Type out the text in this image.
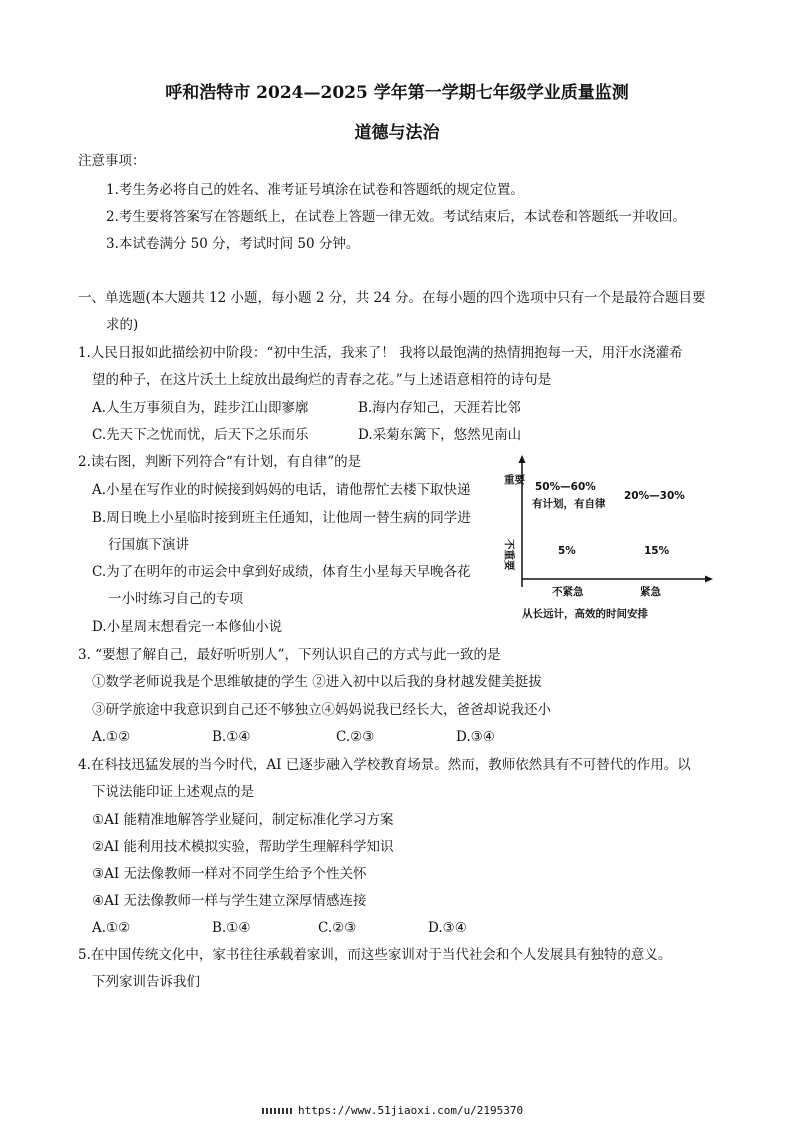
呼和浩特市 2024—2025 学年第一学期七年级学业质量监测
道德与法治
注意事项：
1.考生务必将自己的姓名、准考证号填涂在试卷和答题纸的规定位置。
2.考生要将答案写在答题纸上，在试卷上答题一律无效。考试结束后，本试卷和答题纸一并收回。
3.本试卷满分 50 分，考试时间 50 分钟。
一、单选题(本大题共 12 小题，每小题 2 分，共 24 分。在每小题的四个选项中只有一个是最符合题目要
求的)
1.人民日报如此描绘初中阶段：“初中生活，我来了！ 我将以最饱满的热情拥抱每一天，用汗水浇灌希
望的种子，在这片沃土上绽放出最绚烂的青春之花。”与上述语意相符的诗句是
A.人生万事须自为，跬步江山即寥廓	B.海内存知己，天涯若比邻
C.先天下之忧而忧，后天下之乐而乐	D.采菊东篱下，悠然见南山
2.读右图，判断下列符合“有计划，有自律”的是
A.小星在写作业的时候接到妈妈的电话，请他帮忙去楼下取快递
B.周日晚上小星临时接到班主任通知，让他周一替生病的同学进
行国旗下演讲
C.为了在明年的市运会中拿到好成绩，体育生小星每天早晚各花
一小时练习自己的专项
D.小星周末想看完一本修仙小说
重要
不重要
50%—60%
有计划，有自律
20%—30%
5%	15%
不紧急	紧急
从长远计，高效的时间安排
3. “要想了解自己，最好听听别人”，下列认识自己的方式与此一致的是
①数学老师说我是个思维敏捷的学生 ②进入初中以后我的身材越发健美挺拔
③研学旅途中我意识到自己还不够独立④妈妈说我已经长大，爸爸却说我还小
A.①②	B.①④	C.②③	D.③④
4.在科技迅猛发展的当今时代，AI 已逐步融入学校教育场景。然而，教师依然具有不可替代的作用。以
下说法能印证上述观点的是
①AI 能精准地解答学业疑问，制定标准化学习方案
②AI 能利用技术模拟实验，帮助学生理解科学知识
③AI 无法像教师一样对不同学生给予个性关怀
④AI 无法像教师一样与学生建立深厚情感连接
A.①②	B.①④	C.②③	D.③④
5.在中国传统文化中，家书往往承载着家训，而这些家训对于当代社会和个人发展具有独特的意义。
下列家训告诉我们
https://www.51jiaoxi.com/u/2195370
